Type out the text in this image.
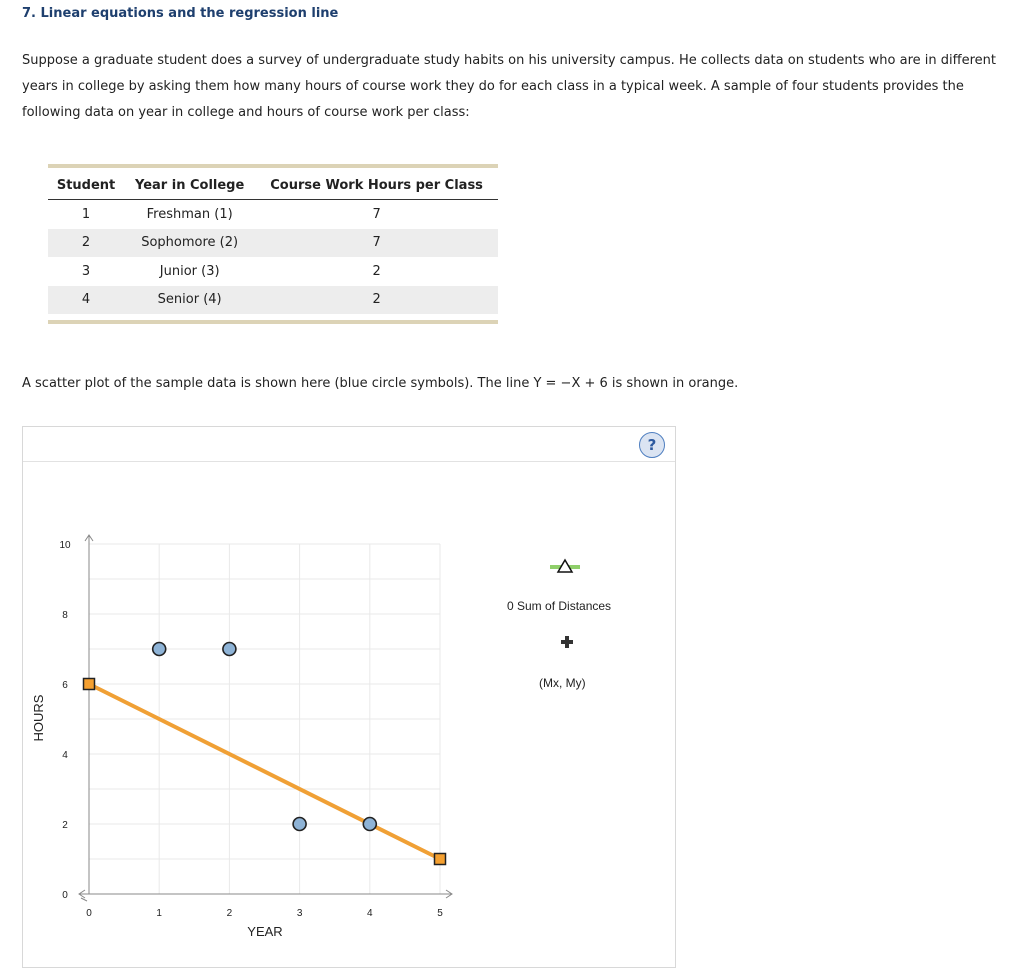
7. Linear equations and the regression line
Suppose a graduate student does a survey of undergraduate study habits on his university campus. He collects data on students who are in different years in college by asking them how many hours of course work they do for each class in a typical week. A sample of four students provides the following data on year in college and hours of course work per class:
Student	Year in College	Course Work Hours per Class
1	Freshman (1)	7
2	Sophomore (2)	7
3	Junior (3)	2
4	Senior (4)	2
A scatter plot of the sample data is shown here (blue circle symbols). The line Y = −X + 6 is shown in orange.
?
0	1	2	3	4	5
0
2
4
6
8
10
YEAR
HOURS
0 Sum of Distances
(Mx, My)
